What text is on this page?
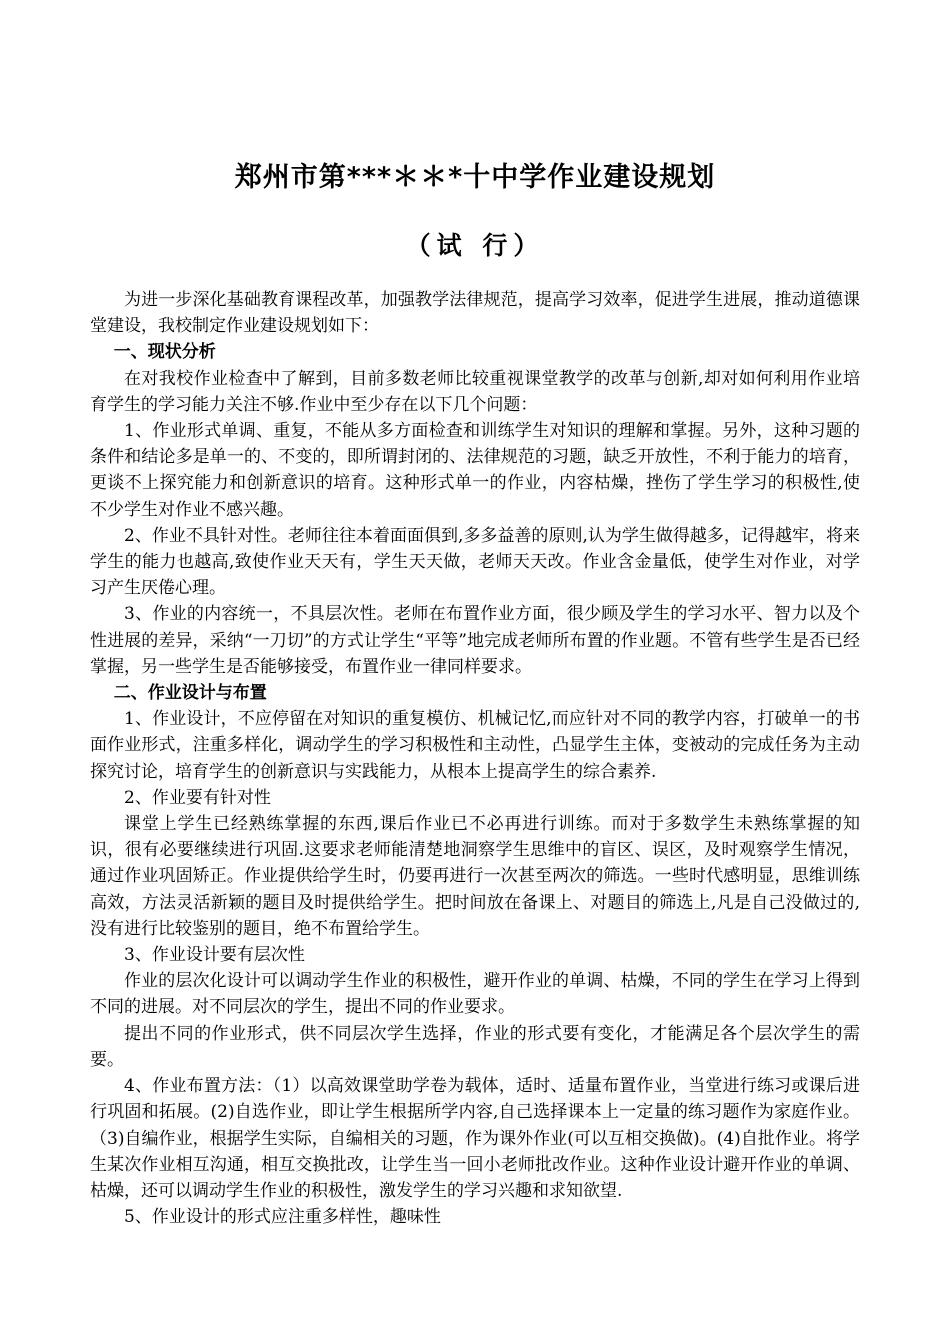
郑州市第***＊＊*十中学作业建设规划
（试 行）

为进一步深化基础教育课程改革，加强教学法律规范，提高学习效率，促进学生进展，推动道德课堂建设，我校制定作业建设规划如下：

一、现状分析

在对我校作业检查中了解到，目前多数老师比较重视课堂教学的改革与创新,却对如何利用作业培育学生的学习能力关注不够.作业中至少存在以下几个问题：

1、作业形式单调、重复，不能从多方面检查和训练学生对知识的理解和掌握。另外，这种习题的条件和结论多是单一的、不变的，即所谓封闭的、法律规范的习题，缺乏开放性，不利于能力的培育，更谈不上探究能力和创新意识的培育。这种形式单一的作业，内容枯燥，挫伤了学生学习的积极性,使不少学生对作业不感兴趣。

2、作业不具针对性。老师往往本着面面俱到,多多益善的原则,认为学生做得越多，记得越牢，将来学生的能力也越高,致使作业天天有，学生天天做，老师天天改。作业含金量低，使学生对作业，对学习产生厌倦心理。

3、作业的内容统一，不具层次性。老师在布置作业方面，很少顾及学生的学习水平、智力以及个性进展的差异，采纳“一刀切”的方式让学生“平等”地完成老师所布置的作业题。不管有些学生是否已经掌握，另一些学生是否能够接受，布置作业一律同样要求。

二、作业设计与布置

1、作业设计，不应停留在对知识的重复模仿、机械记忆,而应针对不同的教学内容，打破单一的书面作业形式，注重多样化，调动学生的学习积极性和主动性，凸显学生主体，变被动的完成任务为主动探究讨论，培育学生的创新意识与实践能力，从根本上提高学生的综合素养.

2、作业要有针对性

课堂上学生已经熟练掌握的东西,课后作业已不必再进行训练。而对于多数学生未熟练掌握的知识，很有必要继续进行巩固.这要求老师能清楚地洞察学生思维中的盲区、误区，及时观察学生情况，通过作业巩固矫正。作业提供给学生时，仍要再进行一次甚至两次的筛选。一些时代感明显，思维训练高效，方法灵活新颖的题目及时提供给学生。把时间放在备课上、对题目的筛选上,凡是自己没做过的,没有进行比较鉴别的题目，绝不布置给学生。

3、作业设计要有层次性

作业的层次化设计可以调动学生作业的积极性，避开作业的单调、枯燥，不同的学生在学习上得到不同的进展。对不同层次的学生，提出不同的作业要求。

提出不同的作业形式，供不同层次学生选择，作业的形式要有变化，才能满足各个层次学生的需要。

4、作业布置方法：（1）以高效课堂助学卷为载体，适时、适量布置作业，当堂进行练习或课后进行巩固和拓展。(2)自选作业，即让学生根据所学内容,自己选择课本上一定量的练习题作为家庭作业。（3)自编作业，根据学生实际，自编相关的习题，作为课外作业(可以互相交换做)。(4)自批作业。将学生某次作业相互沟通，相互交换批改，让学生当一回小老师批改作业。这种作业设计避开作业的单调、枯燥，还可以调动学生作业的积极性，激发学生的学习兴趣和求知欲望.

5、作业设计的形式应注重多样性，趣味性
